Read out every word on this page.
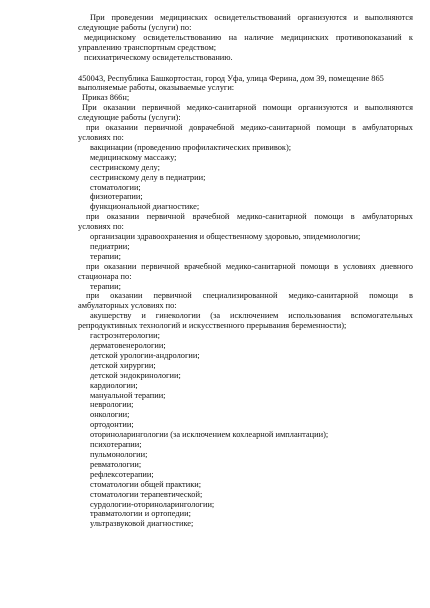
При проведении медицинских освидетельствований организуются и выполняются

следующие работы (услуги) по:

медицинскому освидетельствованию на наличие медицинских противопоказаний к

управлению транспортным средством;

психиатрическому освидетельствованию.

450043, Республика Башкортостан, город Уфа, улица Ферина, дом 39, помещение 865

выполняемые работы, оказываемые услуги:

Приказ 866н;

При оказании первичной медико-санитарной помощи организуются и выполняются

следующие работы (услуги):

при оказании первичной доврачебной медико-санитарной помощи в амбулаторных

условиях по:

вакцинации (проведению профилактических прививок);

медицинскому массажу;

сестринскому делу;

сестринскому делу в педиатрии;

стоматологии;

физиотерапии;

функциональной диагностике;

при оказании первичной врачебной медико-санитарной помощи в амбулаторных

условиях по:

организации здравоохранения и общественному здоровью, эпидемиологии;

педиатрии;

терапии;

при оказании первичной врачебной медико-санитарной помощи в условиях дневного

стационара по:

терапии;

при оказании первичной специализированной медико-санитарной помощи в

амбулаторных условиях по:

акушерству и гинекологии (за исключением использования вспомогательных

репродуктивных технологий и искусственного прерывания беременности);

гастроэнтерологии;

дерматовенерологии;

детской урологии-андрологии;

детской хирургии;

детской эндокринологии;

кардиологии;

мануальной терапии;

неврологии;

онкологии;

ортодонтии;

оториноларингологии (за исключением кохлеарной имплантации);

психотерапии;

пульмонологии;

ревматологии;

рефлексотерапии;

стоматологии общей практики;

стоматологии терапевтической;

сурдологии-оториноларингологии;

травматологии и ортопедии;

ультразвуковой диагностике;
